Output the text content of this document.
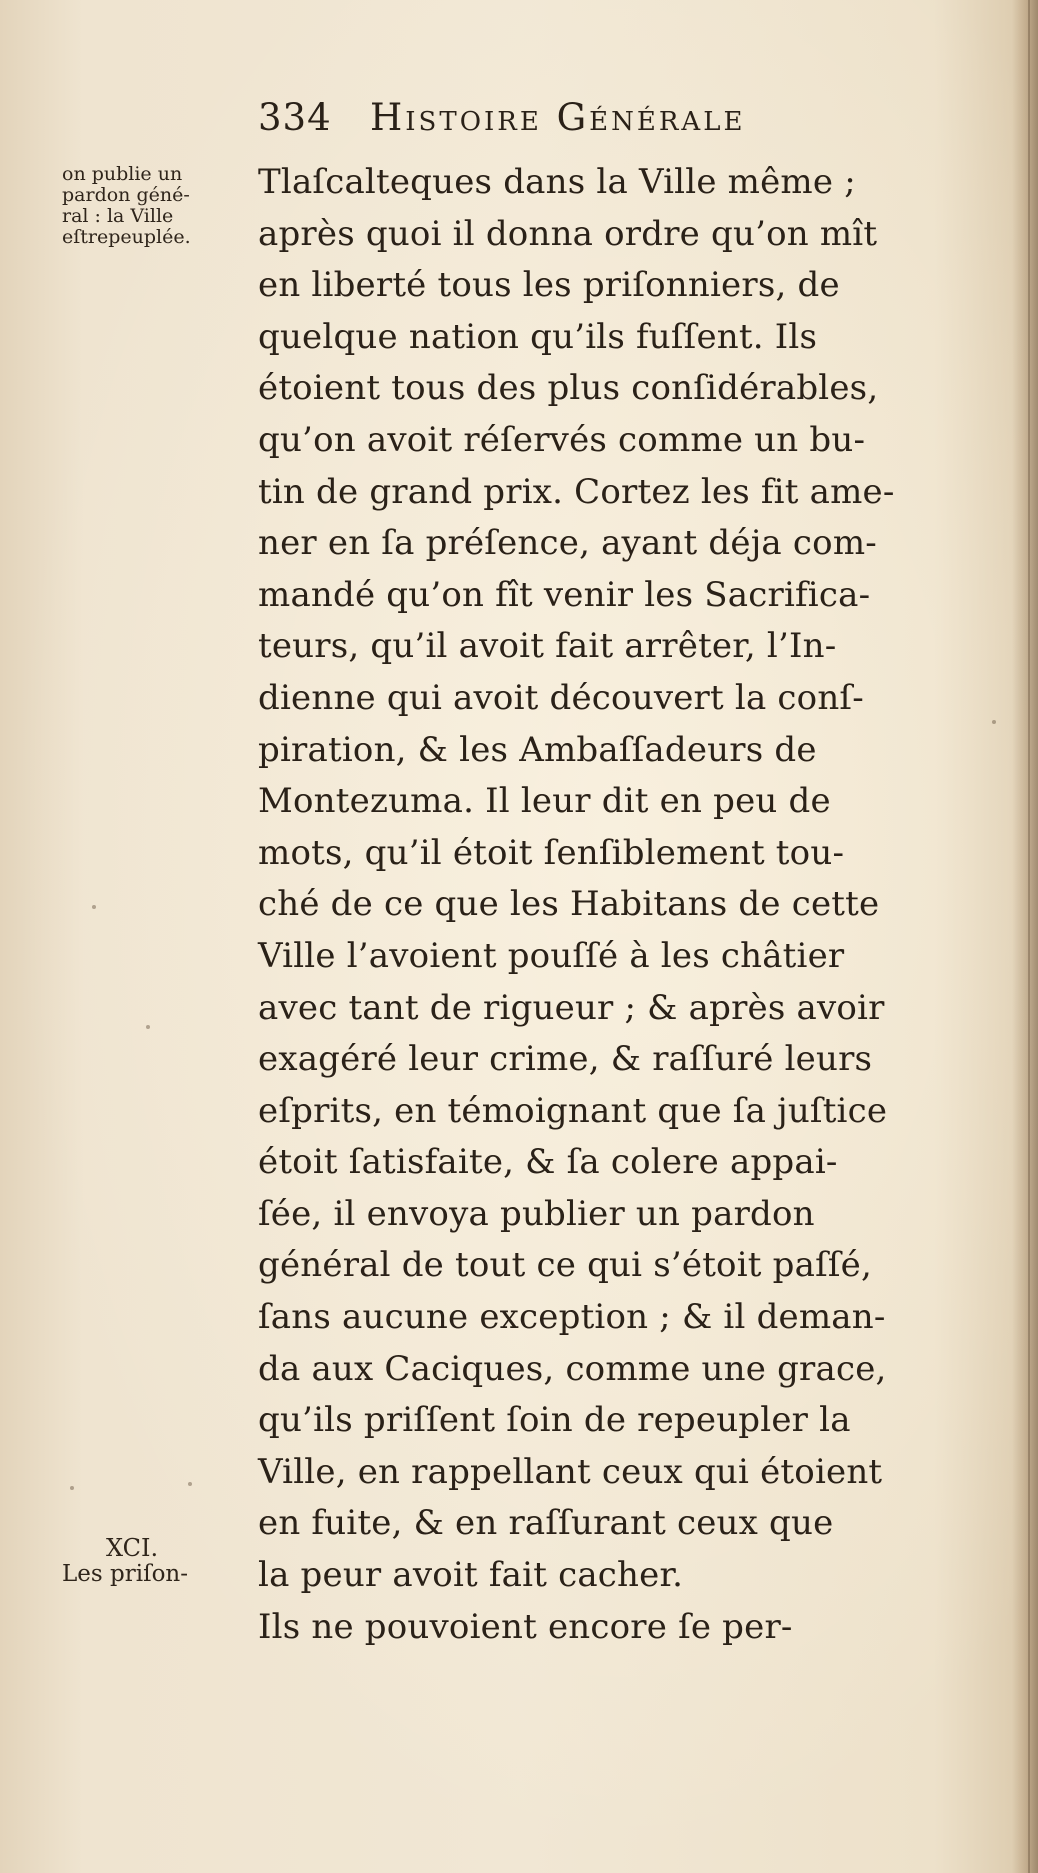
334 Histoire Générale
on publie un
pardon géné-
ral : la Ville
eſtrepeuplée.
XCI.
Les priſon-
Tlaſcalteques dans la Ville même ;
après quoi il donna ordre qu’on mît
en liberté tous les priſonniers, de
quelque nation qu’ils fuſſent. Ils
étoient tous des plus conſidérables,
qu’on avoit réſervés comme un bu-
tin de grand prix. Cortez les fit ame-
ner en ſa préſence, ayant déja com-
mandé qu’on fît venir les Sacrifica-
teurs, qu’il avoit fait arrêter, l’In-
dienne qui avoit découvert la conſ-
piration, & les Ambaſſadeurs de
Montezuma. Il leur dit en peu de
mots, qu’il étoit ſenſiblement tou-
ché de ce que les Habitans de cette
Ville l’avoient pouſſé à les châtier
avec tant de rigueur ; & après avoir
exagéré leur crime, & raſſuré leurs
eſprits, en témoignant que ſa juſtice
étoit ſatisfaite, & ſa colere appai-
ſée, il envoya publier un pardon
général de tout ce qui s’étoit paſſé,
ſans aucune exception ; & il deman-
da aux Caciques, comme une grace,
qu’ils priſſent ſoin de repeupler la
Ville, en rappellant ceux qui étoient
en fuite, & en raſſurant ceux que
la peur avoit fait cacher.
Ils ne pouvoient encore ſe per-
